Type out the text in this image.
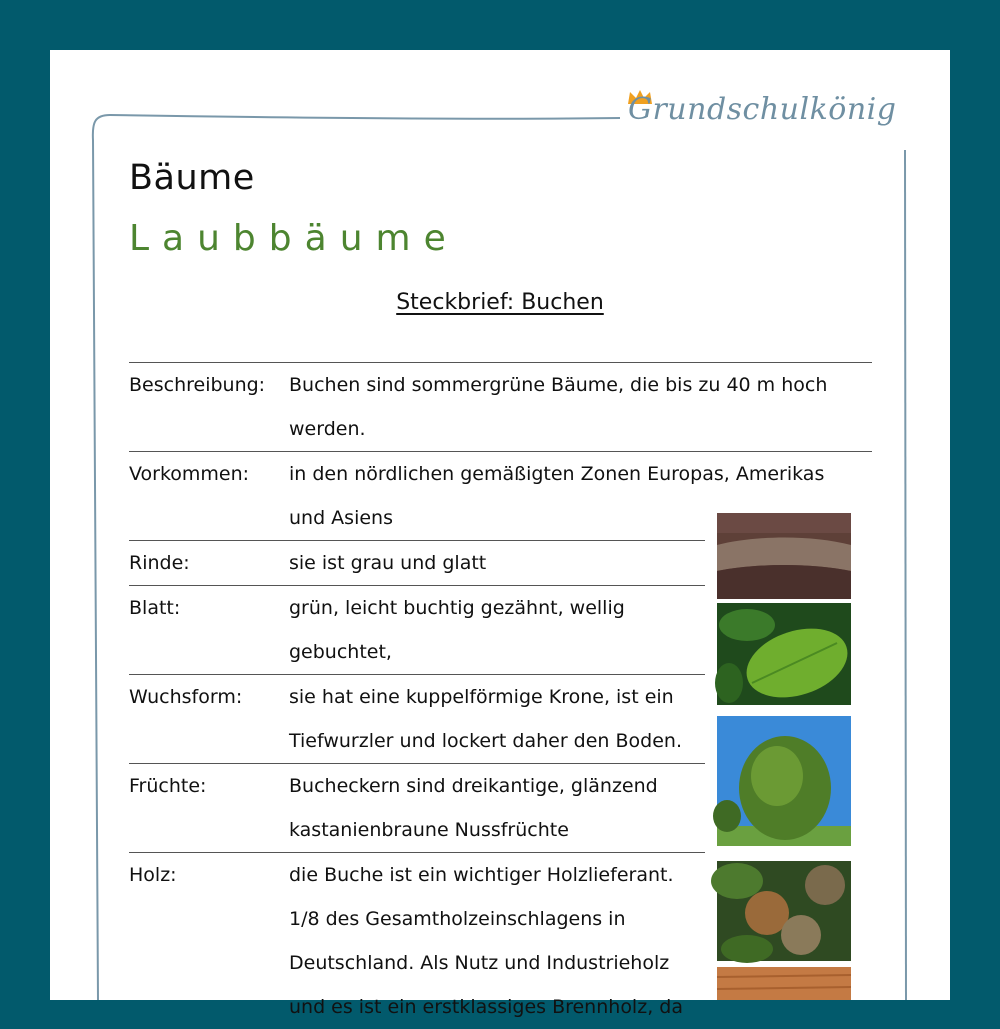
Grundschulkönig
Bäume
Laubbäume
Steckbrief: Buchen
Beschreibung:	Buchen sind sommergrüne Bäume, die bis zu 40 m hoch werden.
Vorkommen:	in den nördlichen gemäßigten Zonen Europas, Amerikas und Asiens
Rinde:	sie ist grau und glatt
Blatt:	grün, leicht buchtig gezähnt, wellig gebuchtet,
Wuchsform:	sie hat eine kuppelförmige Krone, ist ein Tiefwurzler und lockert daher den Boden.
Früchte:	Bucheckern sind dreikantige, glänzend kastanienbraune Nussfrüchte
Holz:	die Buche ist ein wichtiger Holzlieferant. 1/8 des Gesamtholzeinschlagens in Deutschland. Als Nutz und Industrieholz und es ist ein erstklassiges Brennholz, da
